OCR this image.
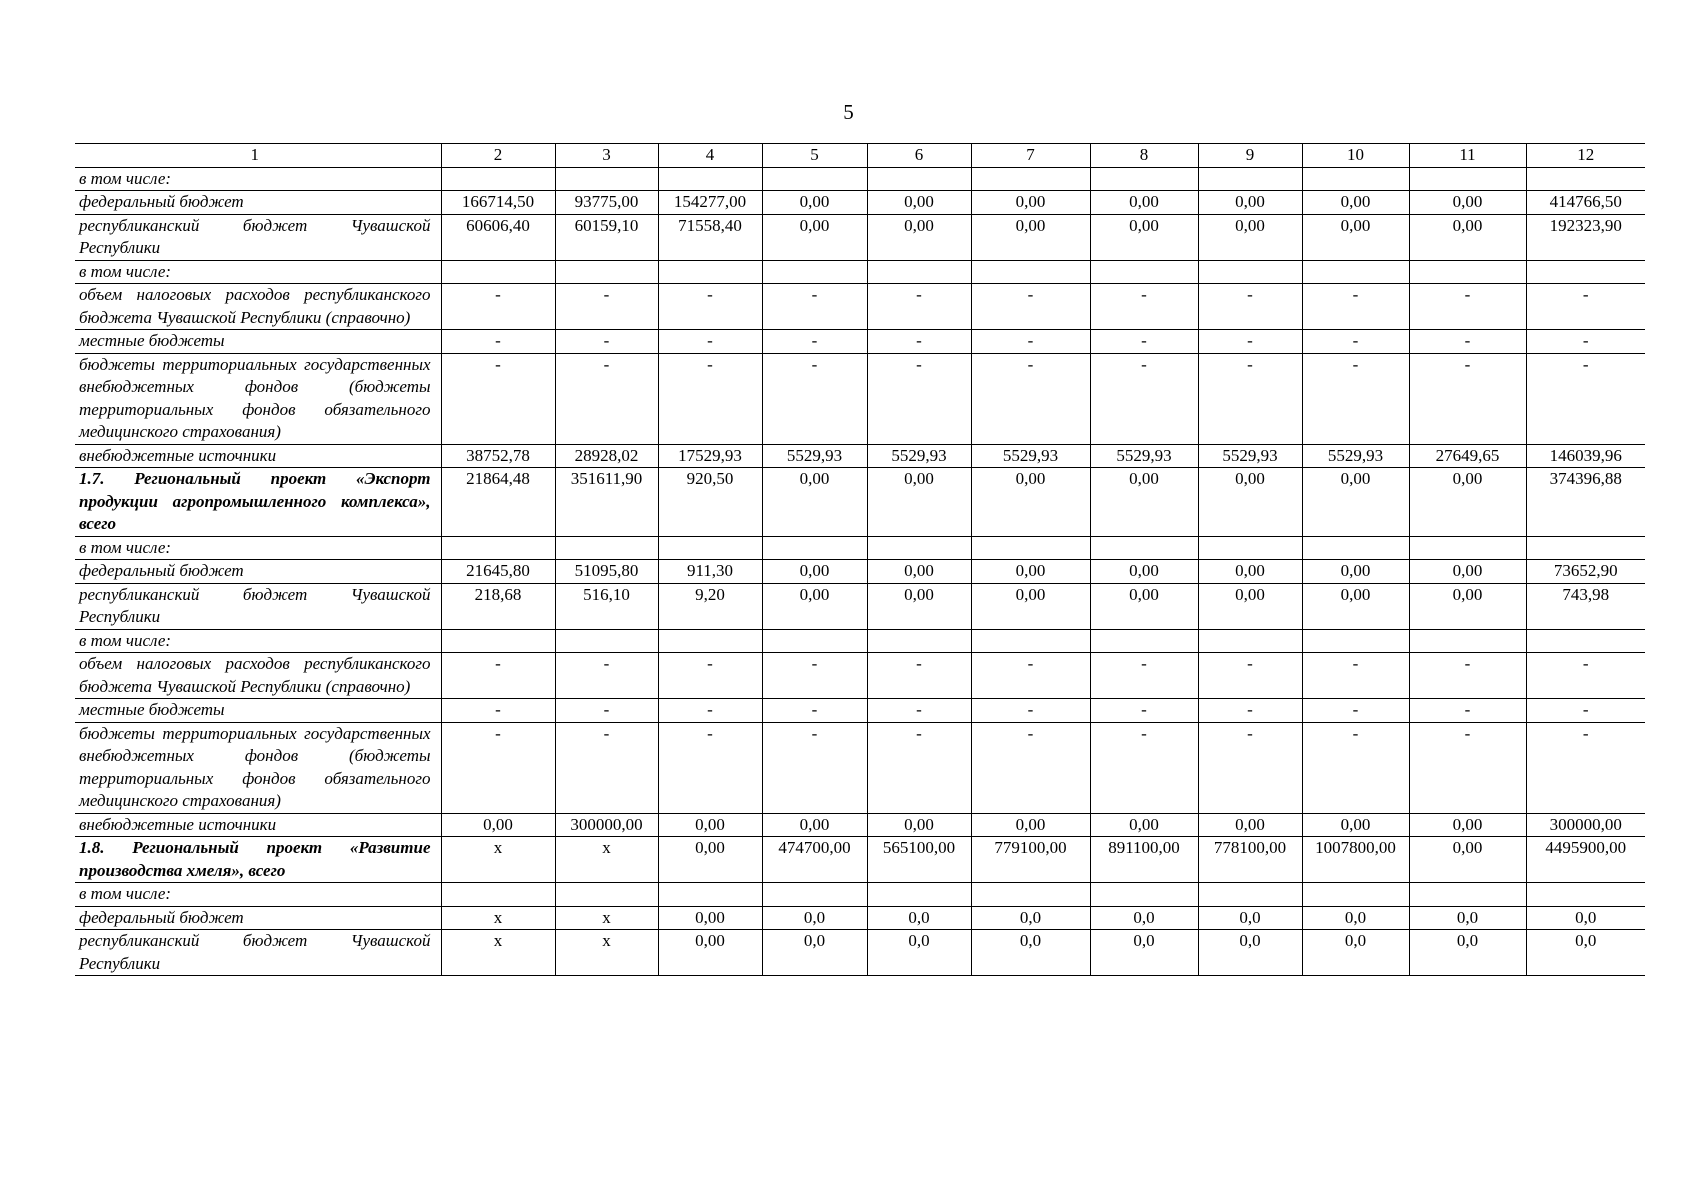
5
1	2	3	4	5	6	7	8	9	10	11	12
в том числе:											
федеральный бюджет	166714,50	93775,00	154277,00	0,00	0,00	0,00	0,00	0,00	0,00	0,00	414766,50
республиканский бюджет Чувашской Республики	60606,40	60159,10	71558,40	0,00	0,00	0,00	0,00	0,00	0,00	0,00	192323,90
в том числе:											
объем налоговых расходов республиканского бюджета Чувашской Республики (справочно)	-	-	-	-	-	-	-	-	-	-	-
местные бюджеты	-	-	-	-	-	-	-	-	-	-	-
бюджеты территориальных государственных внебюджетных фондов (бюджеты территориальных фондов обязательного медицинского страхования)	-	-	-	-	-	-	-	-	-	-	-
внебюджетные источники	38752,78	28928,02	17529,93	5529,93	5529,93	5529,93	5529,93	5529,93	5529,93	27649,65	146039,96
1.7. Региональный проект «Экспорт продукции агропромышленного комплекса», всего	21864,48	351611,90	920,50	0,00	0,00	0,00	0,00	0,00	0,00	0,00	374396,88
в том числе:											
федеральный бюджет	21645,80	51095,80	911,30	0,00	0,00	0,00	0,00	0,00	0,00	0,00	73652,90
республиканский бюджет Чувашской Республики	218,68	516,10	9,20	0,00	0,00	0,00	0,00	0,00	0,00	0,00	743,98
в том числе:											
объем налоговых расходов республиканского бюджета Чувашской Республики (справочно)	-	-	-	-	-	-	-	-	-	-	-
местные бюджеты	-	-	-	-	-	-	-	-	-	-	-
бюджеты территориальных государственных внебюджетных фондов (бюджеты территориальных фондов обязательного медицинского страхования)	-	-	-	-	-	-	-	-	-	-	-
внебюджетные источники	0,00	300000,00	0,00	0,00	0,00	0,00	0,00	0,00	0,00	0,00	300000,00
1.8. Региональный проект «Развитие производства хмеля», всего	х	х	0,00	474700,00	565100,00	779100,00	891100,00	778100,00	1007800,00	0,00	4495900,00
в том числе:											
федеральный бюджет	х	х	0,00	0,0	0,0	0,0	0,0	0,0	0,0	0,0	0,0
республиканский бюджет Чувашской Республики	х	х	0,00	0,0	0,0	0,0	0,0	0,0	0,0	0,0	0,0
